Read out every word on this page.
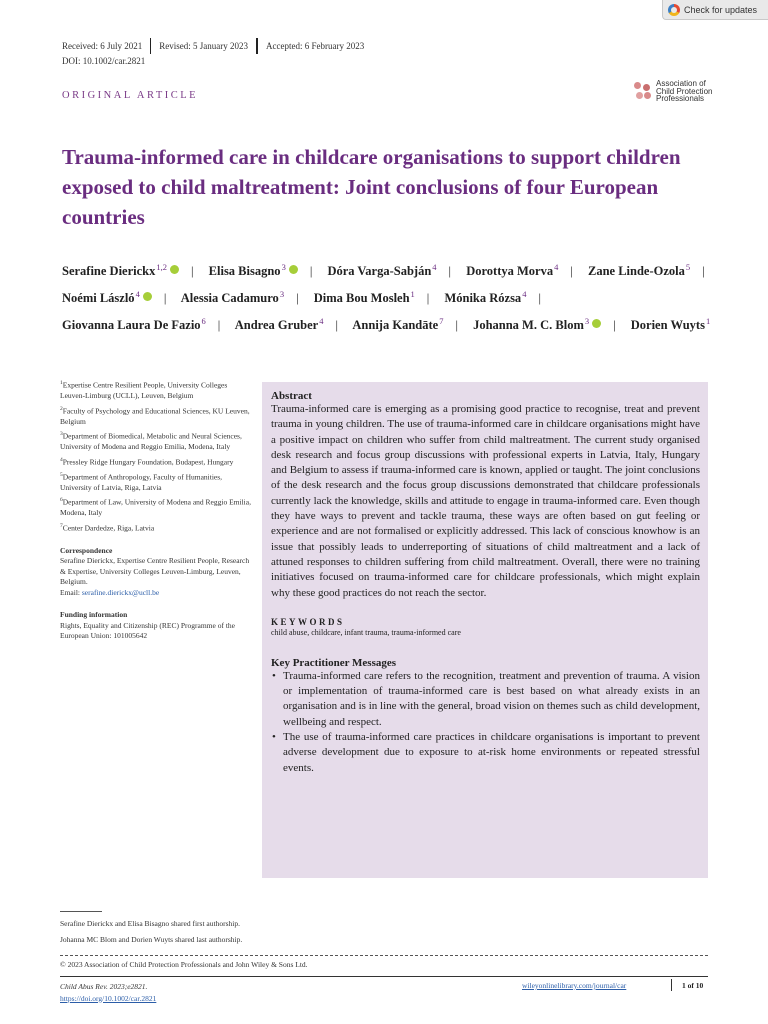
Check for updates
Received: 6 July 2021 Revised: 5 January 2023 Accepted: 6 February 2023
DOI: 10.1002/car.2821
ORIGINAL ARTICLE
Association of
Child Protection
Professionals
Trauma-informed care in childcare organisations to support children exposed to child maltreatment: Joint conclusions of four European countries
Serafine Dierickx$^{1,2}$ | Elisa Bisagno$^3$ | Dóra Varga-Sabján$^4$ | Dorottya Morva$^4$ | Zane Linde-Ozola$^5$ | Noémi László$^4$ | Alessia Cadamuro$^3$ | Dima Bou Mosleh$^1$ | Mónika Rózsa$^4$ | Giovanna Laura De Fazio$^6$ | Andrea Gruber$^4$ | Annija Kandāte$^7$ | Johanna M. C. Blom$^3$ | Dorien Wuyts$^1$
$^1$Expertise Centre Resilient People, University Colleges Leuven-Limburg (UCLL), Leuven, Belgium
$^2$Faculty of Psychology and Educational Sciences, KU Leuven, Belgium
$^3$Department of Biomedical, Metabolic and Neural Sciences, University of Modena and Reggio Emilia, Modena, Italy
$^4$Pressley Ridge Hungary Foundation, Budapest, Hungary
$^5$Department of Anthropology, Faculty of Humanities, University of Latvia, Riga, Latvia
$^6$Department of Law, University of Modena and Reggio Emilia, Modena, Italy
$^7$Center Dardedze, Riga, Latvia
Correspondence
Serafine Dierickx, Expertise Centre Resilient People, Research & Expertise, University Colleges Leuven-Limburg, Leuven, Belgium.
Email: serafine.dierickx@ucll.be
Funding information
Rights, Equality and Citizenship (REC) Programme of the European Union: 101005642
Abstract

Trauma-informed care is emerging as a promising good practice to recognise, treat and prevent trauma in young children. The use of trauma-informed care in childcare organisations might have a positive impact on children who suffer from child maltreatment. The current study organised desk research and focus group discussions with professional experts in Latvia, Italy, Hungary and Belgium to assess if trauma-informed care is known, applied or taught. The joint conclusions of the desk research and the focus group discussions demonstrated that childcare professionals currently lack the knowledge, skills and attitude to engage in trauma-informed care. Even though they have ways to prevent and tackle trauma, these ways are often based on gut feeling or experience and are not formalised or explicitly addressed. This lack of conscious knowhow is an issue that possibly leads to underreporting of situations of child maltreatment and a lack of attuned responses to children suffering from child maltreatment. Overall, there were no training initiatives focused on trauma-informed care for childcare professionals, which might explain why these good practices do not reach the sector.

KEYWORDS
child abuse, childcare, infant trauma, trauma-informed care
Key Practitioner Messages
• Trauma-informed care refers to the recognition, treatment and prevention of trauma. A vision or implementation of trauma-informed care is best based on what already exists in an organisation and is in line with the general, broad vision on themes such as child development, wellbeing and respect.
• The use of trauma-informed care practices in childcare organisations is important to prevent adverse development due to exposure to at-risk home environments or repeated stressful events.
Serafine Dierickx and Elisa Bisagno shared first authorship.
Johanna MC Blom and Dorien Wuyts shared last authorship.
© 2023 Association of Child Protection Professionals and John Wiley & Sons Ltd.
Child Abus Rev. 2023;e2821.
https://doi.org/10.1002/car.2821
wileyonlinelibrary.com/journal/car	1 of 10
